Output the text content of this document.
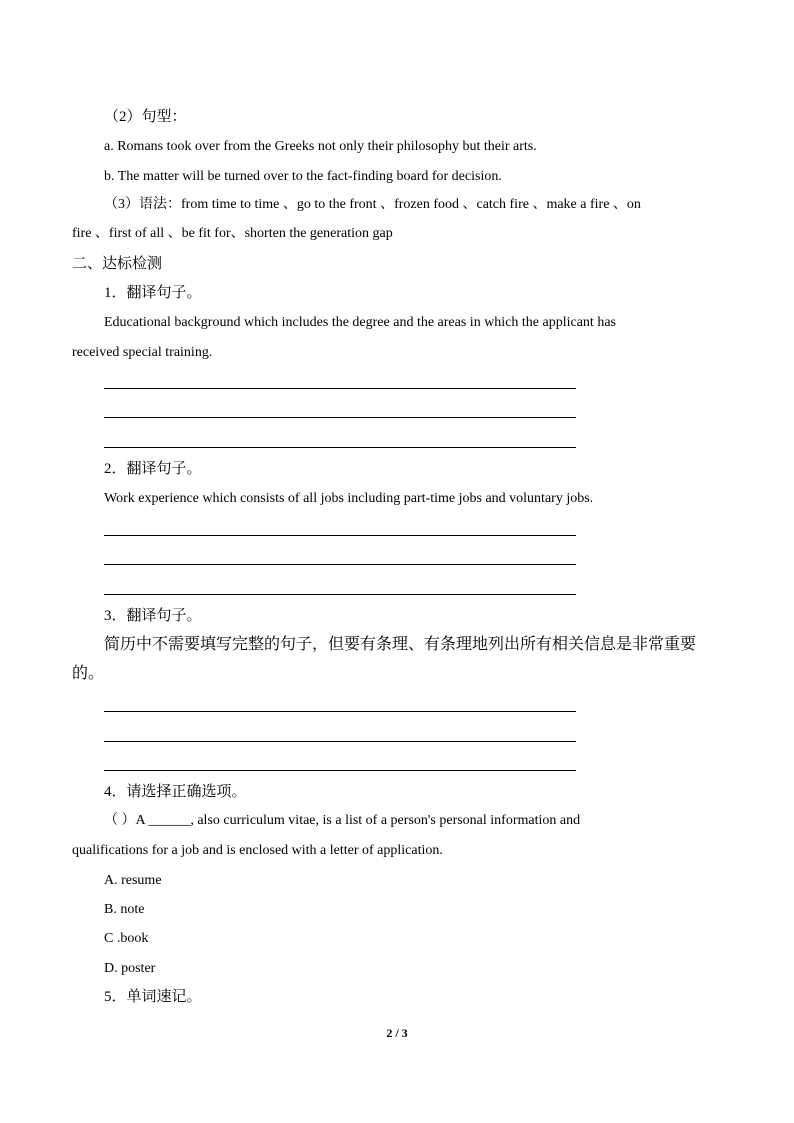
（2）句型：
a. Romans took over from the Greeks not only their philosophy but their arts.
b. The matter will be turned over to the fact-finding board for decision.
（3）语法：from time to time 、go to the front 、frozen food 、catch fire 、make a fire 、on
fire 、first of all 、be fit for、shorten the generation gap
二、达标检测
1．翻译句子。
Educational background which includes the degree and the areas in which the applicant has
received special training.
2．翻译句子。
Work experience which consists of all jobs including part-time jobs and voluntary jobs.
3．翻译句子。
简历中不需要填写完整的句子，但要有条理、有条理地列出所有相关信息是非常重要
的。
4．请选择正确选项。
（ ）A ______, also curriculum vitae, is a list of a person's personal information and
qualifications for a job and is enclosed with a letter of application.
A. resume
B. note
C .book
D. poster
5．单词速记。
2 / 3
